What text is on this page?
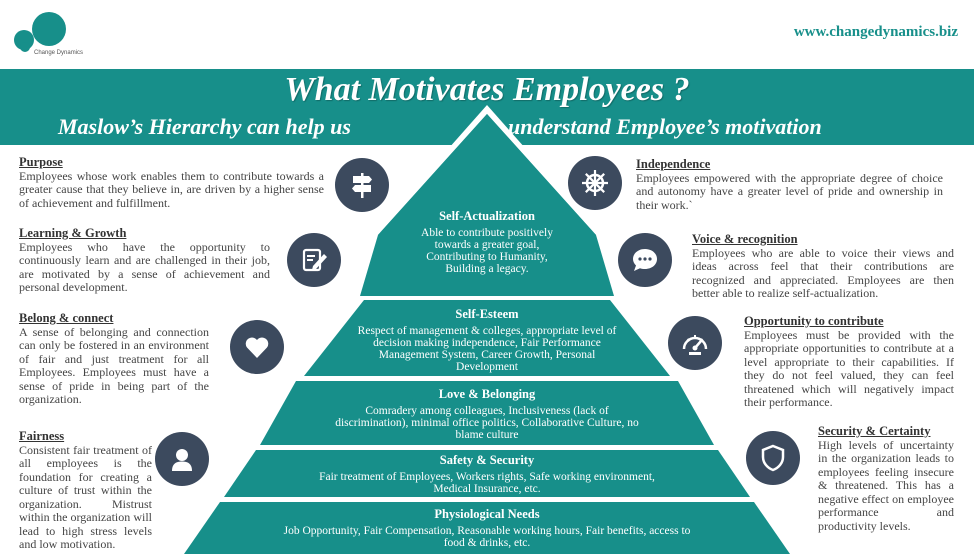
Change Dynamics
www.changedynamics.biz
What Motivates Employees ?
Maslow’s Hierarchy can help us	understand Employee’s motivation
Self-Actualization

Able to contribute positively towards a greater goal, Contributing to Humanity, Building a legacy.

Self-Esteem

Respect of management & colleges, appropriate level of decision making independence, Fair Performance Management System, Career Growth, Personal Development

Love & Belonging

Comradery among colleagues, Inclusiveness (lack of discrimination), minimal office politics, Collaborative Culture, no blame culture

Safety & Security

Fair treatment of Employees, Workers rights, Safe working environment, Medical Insurance, etc.

Physiological Needs

Job Opportunity, Fair Compensation, Reasonable working hours, Fair benefits, access to food & drinks, etc.

Purpose

Employees whose work enables them to contribute towards a greater cause that they believe in, are driven by a higher sense of achievement and fulfillment.

Learning & Growth

Employees who have the opportunity to continuously learn and are challenged in their job, are motivated by a sense of achievement and personal development.

Belong & connect

A sense of belonging and connection can only be fostered in an environment of fair and just treatment for all Employees. Employees must have a sense of pride in being part of the organization.

Fairness

Consistent fair treatment of all employees is the foundation for creating a culture of trust within the organization. Mistrust within the organization will lead to high stress levels and low motivation.

Independence

Employees empowered with the appropriate degree of choice and autonomy have a greater level of pride and ownership in their work.`

Voice & recognition

Employees who are able to voice their views and ideas across feel that their contributions are recognized and appreciated. Employees are then better able to realize self-actualization.

Opportunity to contribute

Employees must be provided with the appropriate opportunities to contribute at a level appropriate to their capabilities. If they do not feel valued, they can feel threatened which will negatively impact their performance.

Security & Certainty

High levels of uncertainty in the organization leads to employees feeling insecure & threatened. This has a negative effect on employee performance and productivity levels.
